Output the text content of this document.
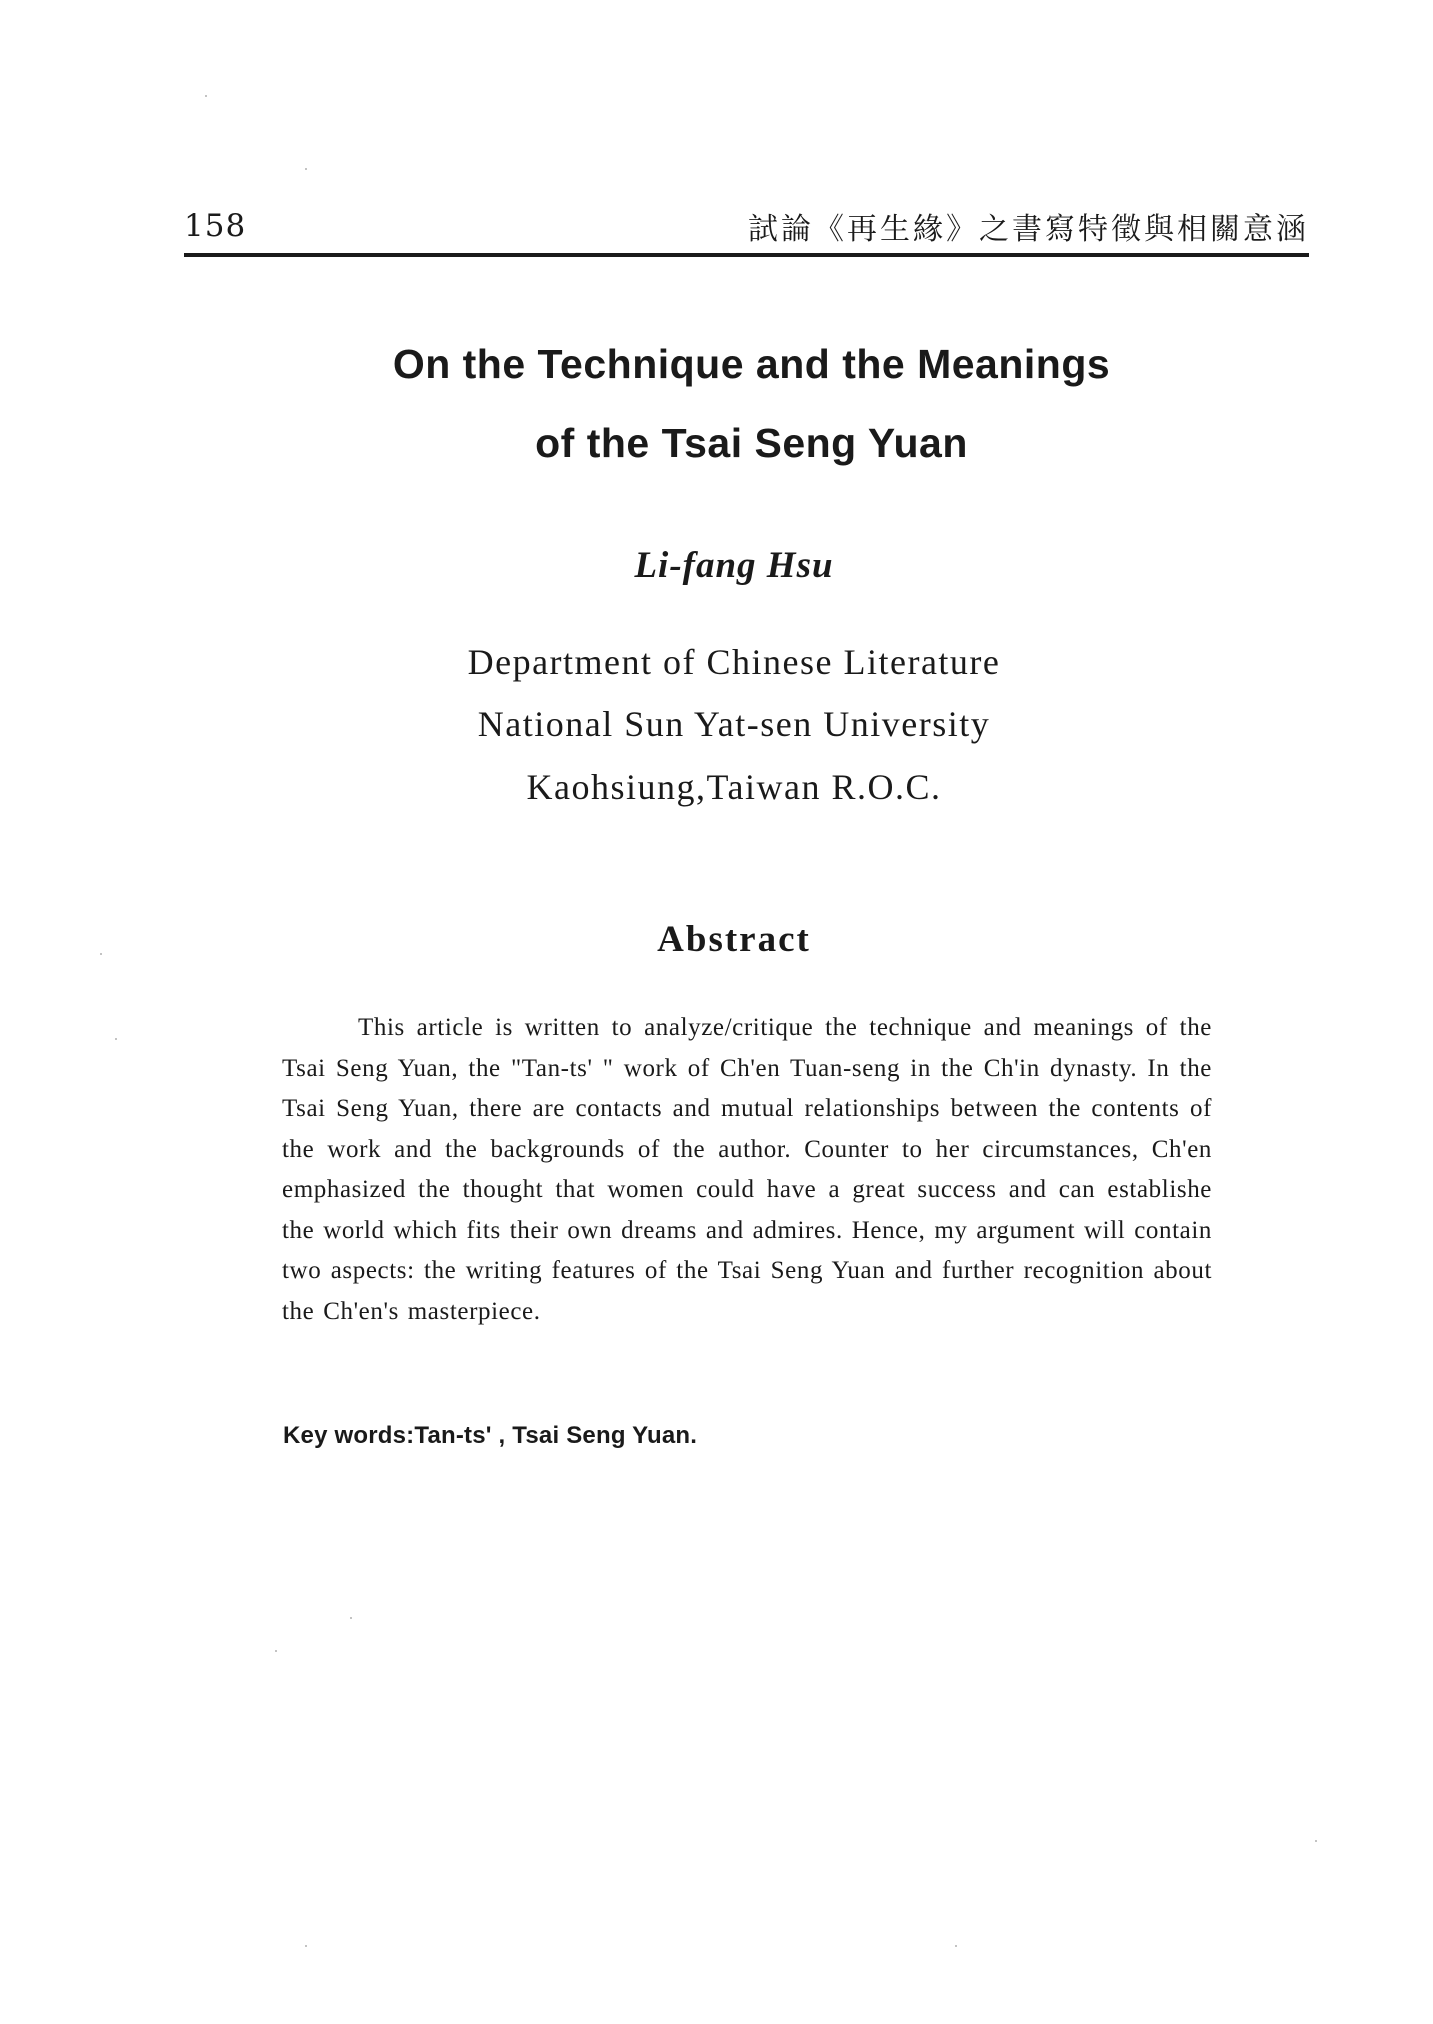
158	試論《再生緣》之書寫特徵與相關意涵
On the Technique and the Meanings
of the Tsai Seng Yuan
Li-fang Hsu
Department of Chinese Literature
National Sun Yat-sen University
Kaohsiung,Taiwan R.O.C.
Abstract
This article is written to analyze/critique the technique and meanings of the Tsai Seng Yuan, the "Tan-ts' " work of Ch'en Tuan-seng in the Ch'in dynasty. In the Tsai Seng Yuan, there are contacts and mutual relationships between the contents of the work and the backgrounds of the author. Counter to her circumstances, Ch'en emphasized the thought that women could have a great success and can establishe the world which fits their own dreams and admires. Hence, my argument will contain two aspects: the writing features of the Tsai Seng Yuan and further recognition about the Ch'en's masterpiece.
Key words:Tan-ts' , Tsai Seng Yuan.
